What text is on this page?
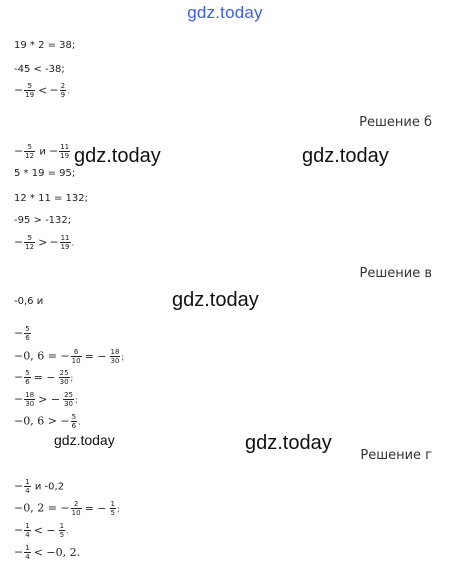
gdz.today
19 * 2 = 38;
-45 < -38;
− $\frac{5}{19}$ < − $\frac{2}{9}$ .
Решение б
− $\frac{5}{12}$ $и - \frac{11}{19}$ gdz.today	gdz.today
5 * 19 = 95;
12 * 11 = 132;
-95 > -132;
− $\frac{5}{12}$ > − $\frac{11}{19}$ .
Решение в
-0,6 и	gdz.today
− $\frac{5}{6}$
−0, 6 = − $\frac{6}{10}$ = − $\frac{18}{30}$ ;
− $\frac{5}{6}$ = − $\frac{25}{30}$ ;
− $\frac{18}{30}$ > − $\frac{25}{30}$ ;
−0, 6 > − $\frac{5}{6}$ .
gdz.today	gdz.today
Решение г
− $\frac{1}{4}$ и -0,2
−0, 2 = − $\frac{2}{10}$ = − $\frac{1}{5}$ ;
− $\frac{1}{4}$ < − $\frac{1}{5}$ .
− $\frac{1}{4} < -0$, 2.
